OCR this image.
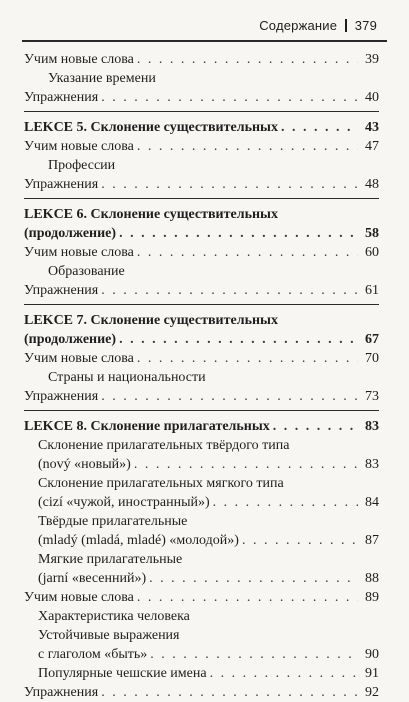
Содержание 379
Учим новые слова . . .	39
Указание времени
Упражнения . . .	40
LEKCE 5. Склонение существительных . . .	43
Учим новые слова . . .	47
Профессии
Упражнения . . .	48
LEKCE 6. Склонение существительных
(продолжение) . . .	58
Учим новые слова . . .	60
Образование
Упражнения . . .	61
LEKCE 7. Склонение существительных
(продолжение) . . .	67
Учим новые слова . . .	70
Страны и национальности
Упражнения . . .	73
LEKCE 8. Склонение прилагательных . . .	83
Склонение прилагательных твёрдого типа
(nový «новый») . . .	83
Склонение прилагательных мягкого типа
(cizí «чужой, иностранный») . . .	84
Твёрдые прилагательные
(mladý (mladá, mladé) «молодой») . . .	87
Мягкие прилагательные
(jarní «весенний») . . .	88
Учим новые слова . . .	89
Характеристика человека
Устойчивые выражения
с глаголом «быть» . . .	90
Популярные чешские имена . . .	91
Упражнения . . .	92
